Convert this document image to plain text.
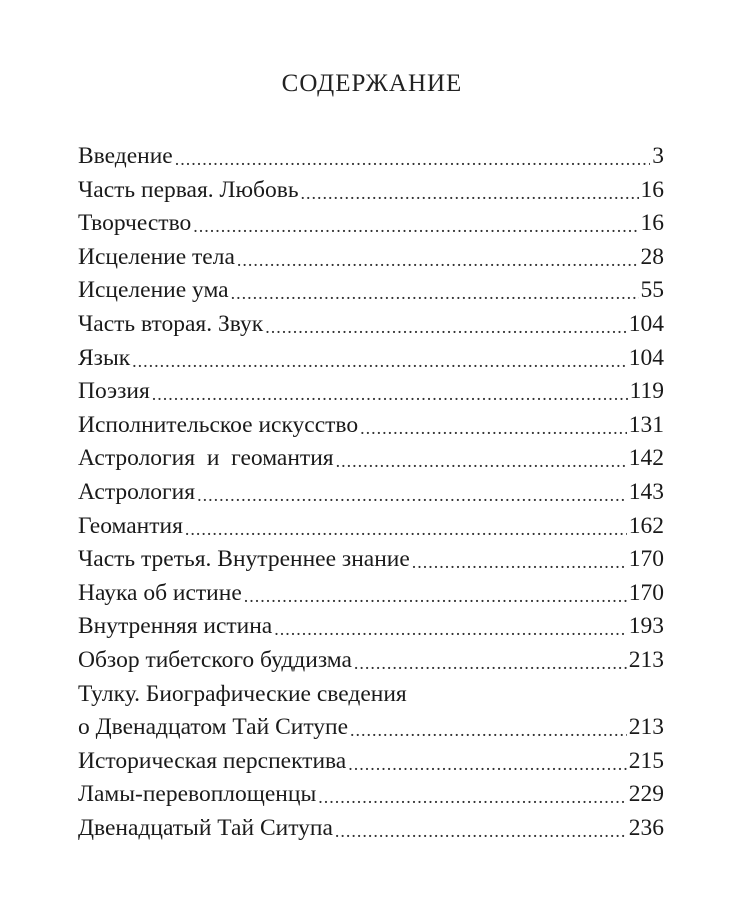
СОДЕРЖАНИЕ
Введение .....	3
Часть первая. Любовь .....	16
Творчество .....	16
Исцеление тела .....	28
Исцеление ума .....	55
Часть вторая. Звук .....	104
Язык .....	104
Поэзия .....	119
Исполнительское искусство .....	131
Астрология  и  геомантия .....	142
Астрология .....	143
Геомантия .....	162
Часть третья. Внутреннее знание .....	170
Наука об истине .....	170
Внутренняя истина .....	193
Обзор тибетского буддизма .....	213
Тулку. Биографические сведения
о Двенадцатом Тай Ситупе .....	213
Историческая перспектива .....	215
Ламы-перевоплощенцы .....	229
Двенадцатый Тай Ситупа .....	236
